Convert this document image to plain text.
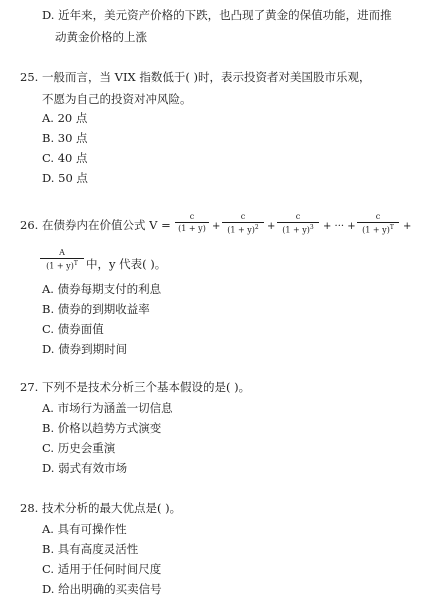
D. 近年来，美元资产价格的下跌，也凸现了黄金的保值功能，进而推
动黄金价格的上涨
25. 一般而言，当 VIX 指数低于( )时，表示投资者对美国股市乐观，
不愿为自己的投资对冲风险。
A. 20 点
B. 30 点
C. 40 点
D. 50 点
26. 在债券内在价值公式 $V = \frac{c}{(1 + y)} + \frac{c}{(1 + y)^2} + \frac{c}{(1 + y)^3}$ + ··· + $\frac{c}{(1 + y)^T}$ +
$\frac{A}{(1 + y)^T}$ 中，y 代表( )。
A. 债券每期支付的利息
B. 债券的到期收益率
C. 债券面值
D. 债券到期时间
27. 下列不是技术分析三个基本假设的是( )。
A. 市场行为涵盖一切信息
B. 价格以趋势方式演变
C. 历史会重演
D. 弱式有效市场
28. 技术分析的最大优点是( )。
A. 具有可操作性
B. 具有高度灵活性
C. 适用于任何时间尺度
D. 给出明确的买卖信号
